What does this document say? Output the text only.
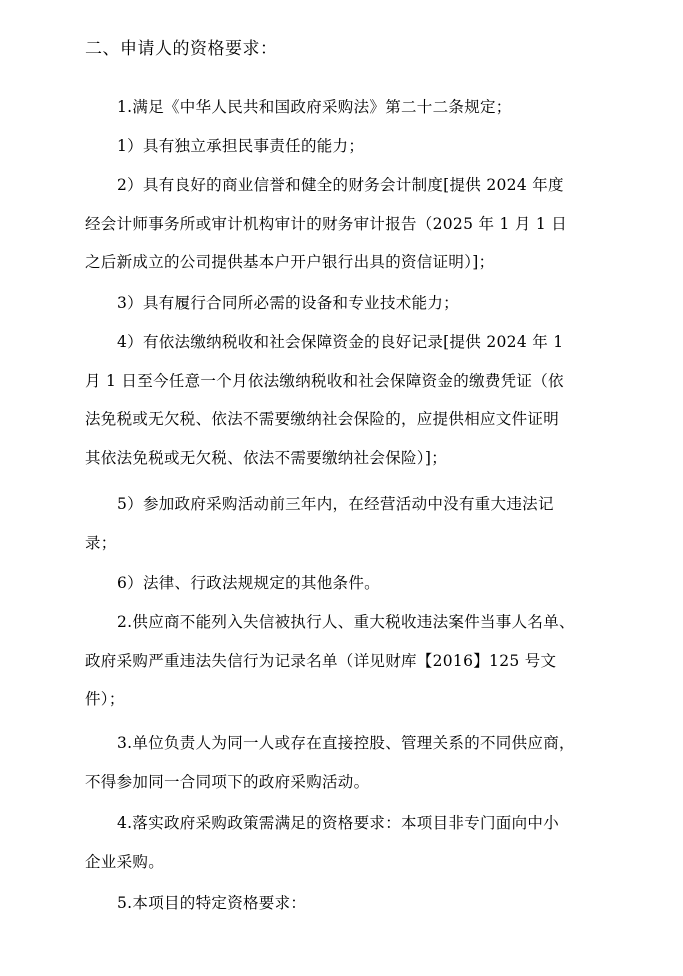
二、申请人的资格要求：
1.满足《中华人民共和国政府采购法》第二十二条规定；
1）具有独立承担民事责任的能力；
2）具有良好的商业信誉和健全的财务会计制度[提供 2024 年度
经会计师事务所或审计机构审计的财务审计报告（2025 年 1 月 1 日
之后新成立的公司提供基本户开户银行出具的资信证明）]；
3）具有履行合同所必需的设备和专业技术能力；
4）有依法缴纳税收和社会保障资金的良好记录[提供 2024 年 1
月 1 日至今任意一个月依法缴纳税收和社会保障资金的缴费凭证（依
法免税或无欠税、依法不需要缴纳社会保险的，应提供相应文件证明
其依法免税或无欠税、依法不需要缴纳社会保险）]；
5）参加政府采购活动前三年内，在经营活动中没有重大违法记
录；
6）法律、行政法规规定的其他条件。
2.供应商不能列入失信被执行人、重大税收违法案件当事人名单、
政府采购严重违法失信行为记录名单（详见财库【2016】125 号文
件）；
3.单位负责人为同一人或存在直接控股、管理关系的不同供应商，
不得参加同一合同项下的政府采购活动。
4.落实政府采购政策需满足的资格要求：本项目非专门面向中小
企业采购。
5.本项目的特定资格要求：
